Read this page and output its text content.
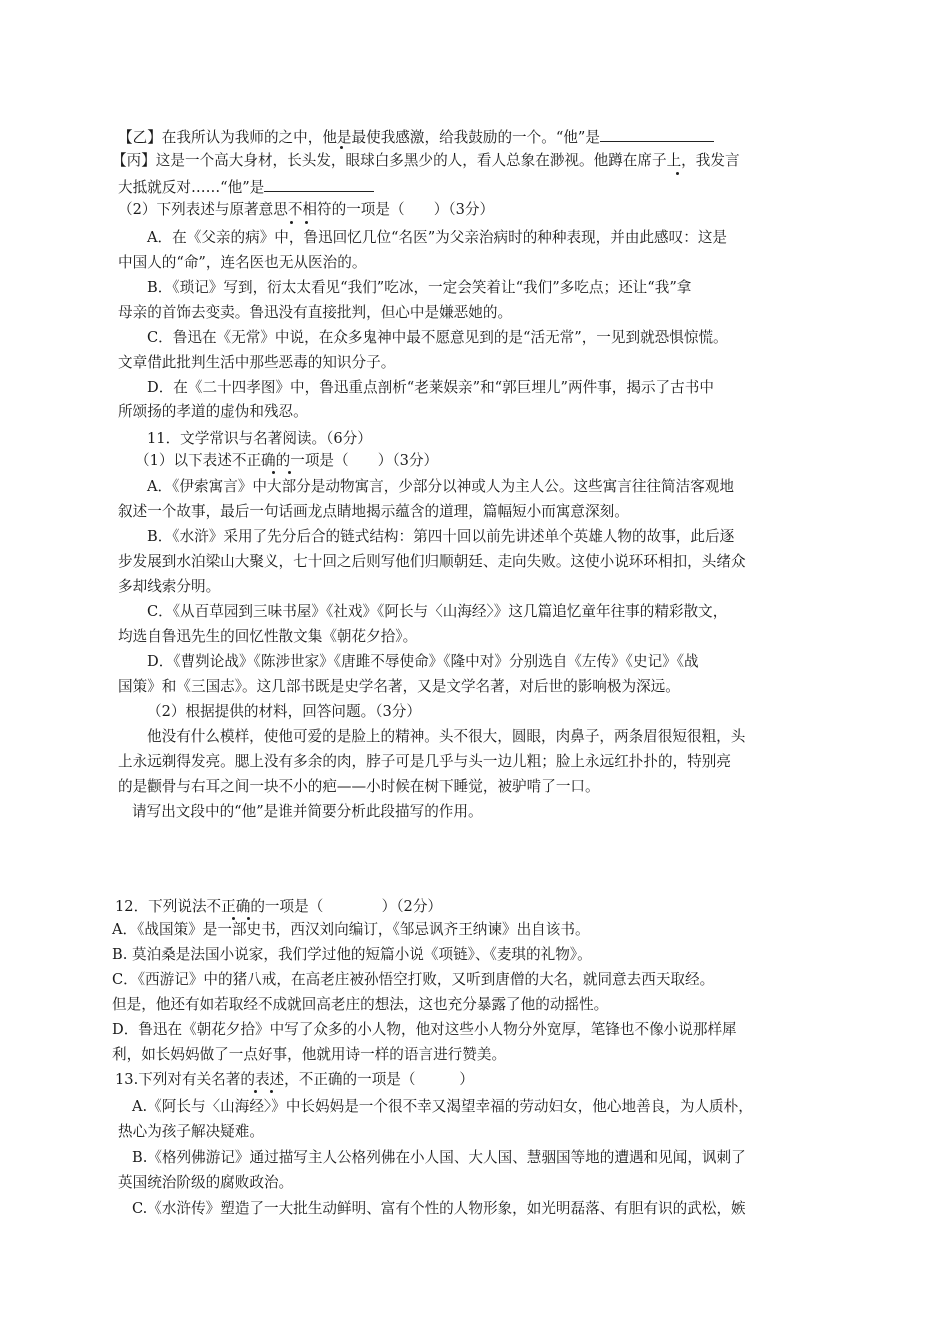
【乙】在我所认为我师的之中，他是最使我感激，给我鼓励的一个。“他”是
【丙】这是一个高大身材，长头发，眼球白多黑少的人，看人总象在渺视。他蹲在席子上，我发言
大抵就反对……“他”是
（2）下列表述与原著意思不相符的一项是（　　）（3分）
A．在《父亲的病》中，鲁迅回忆几位“名医”为父亲治病时的种种表现，并由此感叹：这是
中国人的“命”，连名医也无从医治的。
B．《琐记》写到，衍太太看见“我们”吃冰，一定会笑着让“我们”多吃点；还让“我”拿
母亲的首饰去变卖。鲁迅没有直接批判，但心中是嫌恶她的。
C．鲁迅在《无常》中说，在众多鬼神中最不愿意见到的是“活无常”，一见到就恐惧惊慌。
文章借此批判生活中那些恶毒的知识分子。
D．在《二十四孝图》中，鲁迅重点剖析“老莱娱亲”和“郭巨埋儿”两件事，揭示了古书中
所颂扬的孝道的虚伪和残忍。
11．文学常识与名著阅读。（6分）
（1）以下表述不正确的一项是（　　）（3分）
A．《伊索寓言》中大部分是动物寓言，少部分以神或人为主人公。这些寓言往往简洁客观地
叙述一个故事，最后一句话画龙点睛地揭示蕴含的道理，篇幅短小而寓意深刻。
B．《水浒》采用了先分后合的链式结构：第四十回以前先讲述单个英雄人物的故事，此后逐
步发展到水泊梁山大聚义，七十回之后则写他们归顺朝廷、走向失败。这使小说环环相扣，头绪众
多却线索分明。
C．《从百草园到三味书屋》《社戏》《阿长与〈山海经〉》这几篇追忆童年往事的精彩散文，
均选自鲁迅先生的回忆性散文集《朝花夕拾》。
D．《曹刿论战》《陈涉世家》《唐雎不辱使命》《隆中对》分别选自《左传》《史记》《战
国策》和《三国志》。这几部书既是史学名著，又是文学名著，对后世的影响极为深远。
（2）根据提供的材料，回答问题。（3分）
他没有什么模样，使他可爱的是脸上的精神。头不很大，圆眼，肉鼻子，两条眉很短很粗，头
上永远剃得发亮。腮上没有多余的肉，脖子可是几乎与头一边儿粗；脸上永远红扑扑的，特别亮
的是颧骨与右耳之间一块不小的疤——小时候在树下睡觉，被驴啃了一口。
请写出文段中的“他”是谁并简要分析此段描写的作用。
12．下列说法不正确的一项是（　　　　）（2分）
A．《战国策》是一部史书，西汉刘向编订，《邹忌讽齐王纳谏》出自该书。
B. 莫泊桑是法国小说家，我们学过他的短篇小说《项链》、《麦琪的礼物》。
C．《西游记》中的猪八戒，在高老庄被孙悟空打败，又听到唐僧的大名，就同意去西天取经。
但是，他还有如若取经不成就回高老庄的想法，这也充分暴露了他的动摇性。
D．鲁迅在《朝花夕拾》中写了众多的小人物，他对这些小人物分外宽厚，笔锋也不像小说那样犀
利，如长妈妈做了一点好事，他就用诗一样的语言进行赞美。
13.下列对有关名著的表述，不正确的一项是（　　　）
A.《阿长与〈山海经〉》中长妈妈是一个很不幸又渴望幸福的劳动妇女，他心地善良，为人质朴，
热心为孩子解决疑难。
B.《格列佛游记》通过描写主人公格列佛在小人国、大人国、慧骃国等地的遭遇和见闻，讽刺了
英国统治阶级的腐败政治。
C.《水浒传》塑造了一大批生动鲜明、富有个性的人物形象，如光明磊落、有胆有识的武松，嫉
